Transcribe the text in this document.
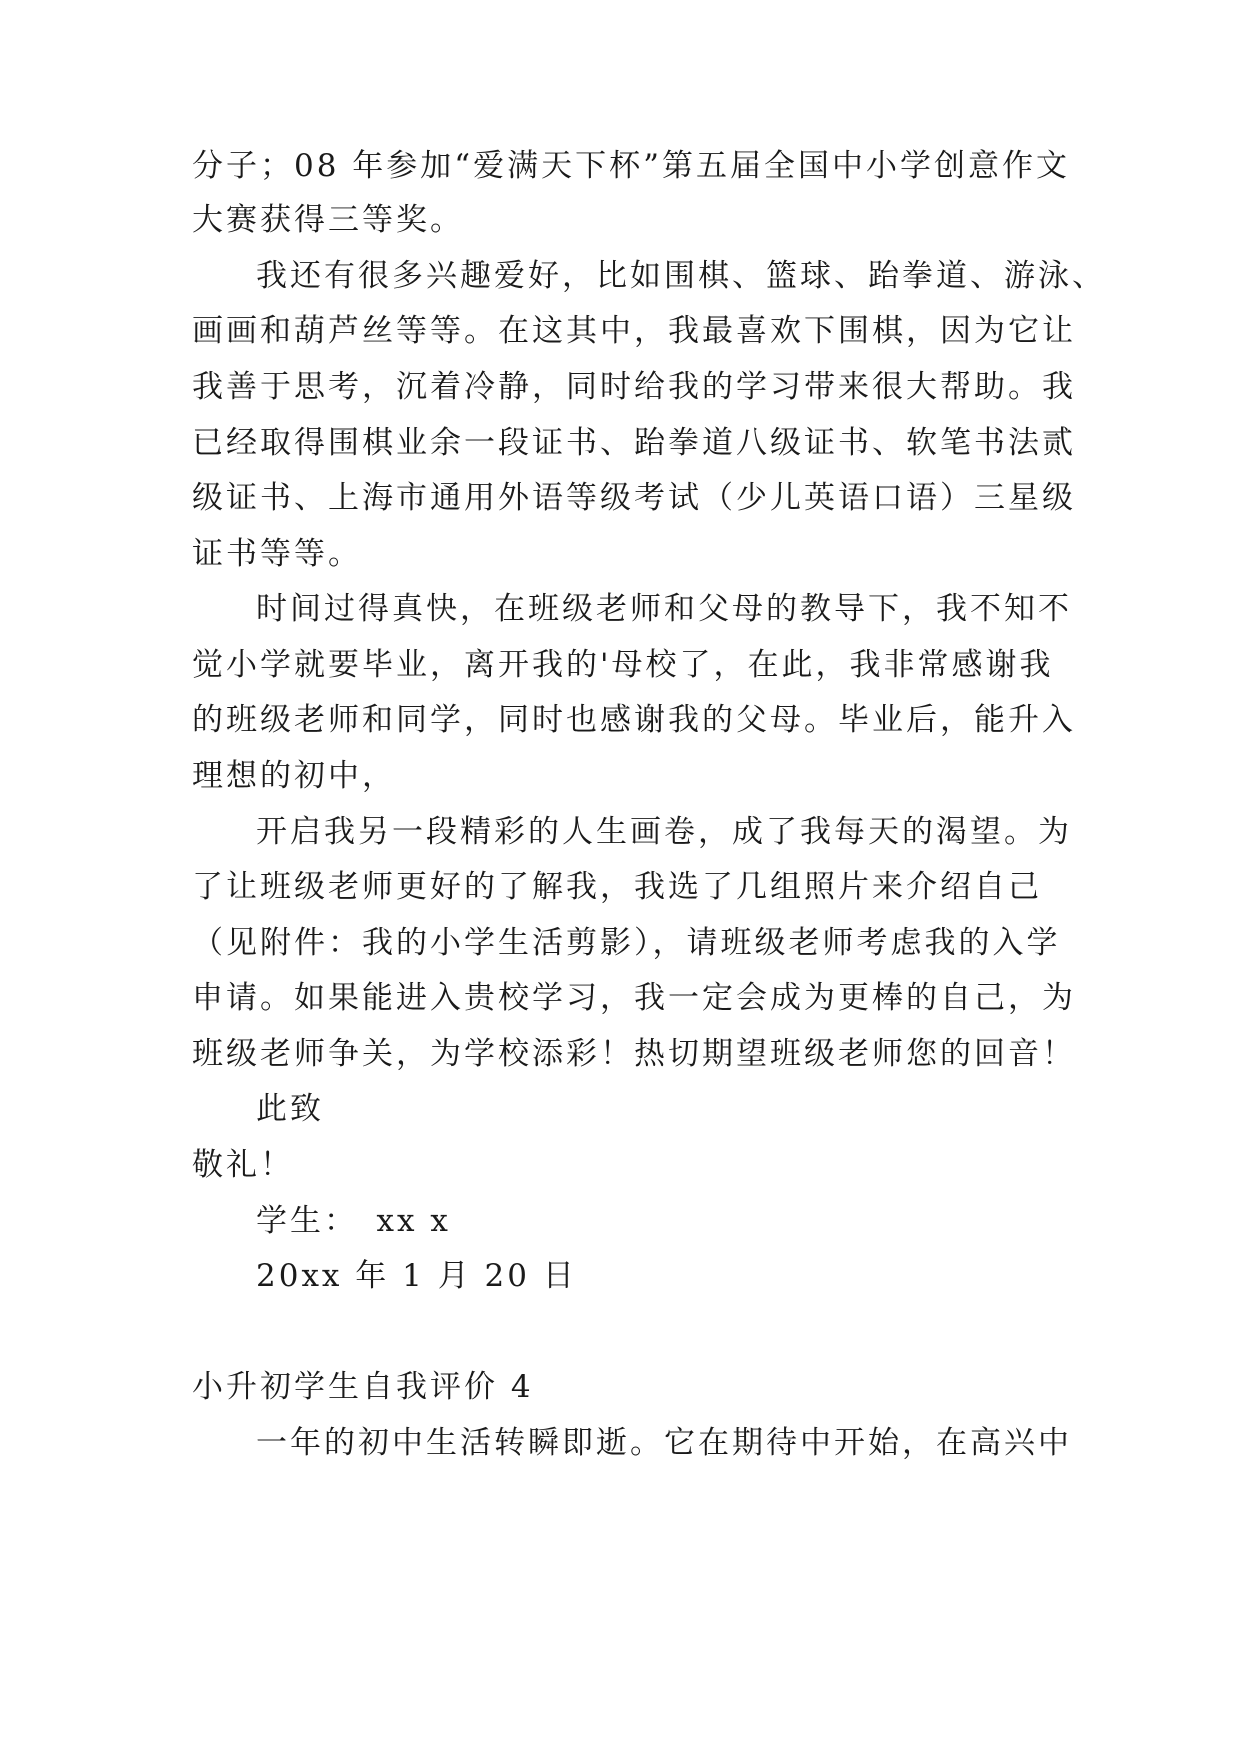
分子；08 年参加“爱满天下杯”第五届全国中小学创意作文
大赛获得三等奖。
我还有很多兴趣爱好，比如围棋、篮球、跆拳道、游泳、
画画和葫芦丝等等。在这其中，我最喜欢下围棋，因为它让
我善于思考，沉着冷静，同时给我的学习带来很大帮助。我
已经取得围棋业余一段证书、跆拳道八级证书、软笔书法贰
级证书、上海市通用外语等级考试（少儿英语口语）三星级
证书等等。
时间过得真快，在班级老师和父母的教导下，我不知不
觉小学就要毕业，离开我的'母校了，在此，我非常感谢我
的班级老师和同学，同时也感谢我的父母。毕业后，能升入
理想的初中，
开启我另一段精彩的人生画卷，成了我每天的渴望。为
了让班级老师更好的了解我，我选了几组照片来介绍自己
（见附件：我的小学生活剪影），请班级老师考虑我的入学
申请。如果能进入贵校学习，我一定会成为更棒的自己，为
班级老师争关，为学校添彩！热切期望班级老师您的回音！
此致
敬礼！
学生：　xx x
20xx 年 1 月 20 日
小升初学生自我评价 4
一年的初中生活转瞬即逝。它在期待中开始，在高兴中
